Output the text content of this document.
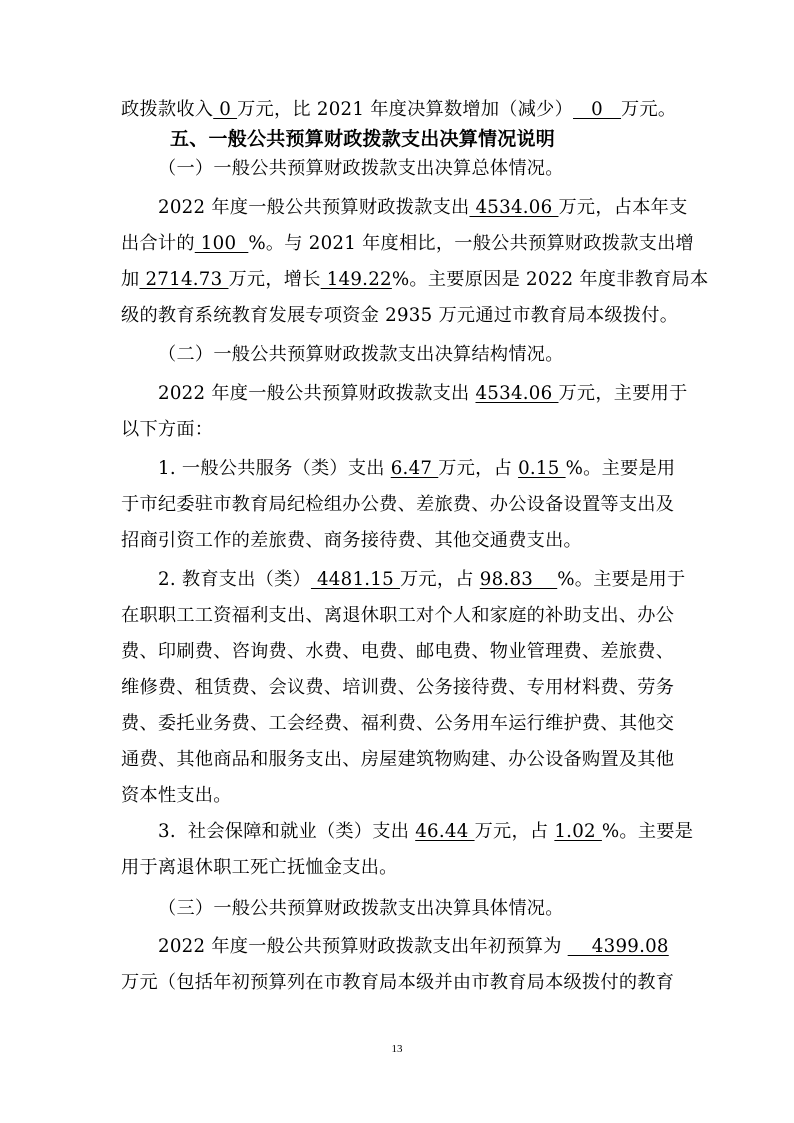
政拨款收入 0 万元，比 2021 年度决算数增加（减少）   0   万元。
五、一般公共预算财政拨款支出决算情况说明
（一）一般公共预算财政拨款支出决算总体情况。
2022 年度一般公共预算财政拨款支出 4534.06 万元，占本年支
出合计的 100  %。与 2021 年度相比，一般公共预算财政拨款支出增
加 2714.73 万元，增长 149.22%。主要原因是 2022 年度非教育局本
级的教育系统教育发展专项资金 2935 万元通过市教育局本级拨付。
（二）一般公共预算财政拨款支出决算结构情况。
2022 年度一般公共预算财政拨款支出 4534.06 万元，主要用于
以下方面：
1. 一般公共服务（类）支出 6.47 万元，占 0.15 %。主要是用
于市纪委驻市教育局纪检组办公费、差旅费、办公设备设置等支出及
招商引资工作的差旅费、商务接待费、其他交通费支出。
2. 教育支出（类） 4481.15 万元，占 98.83    %。主要是用于
在职职工工资福利支出、离退休职工对个人和家庭的补助支出、办公
费、印刷费、咨询费、水费、电费、邮电费、物业管理费、差旅费、
维修费、租赁费、会议费、培训费、公务接待费、专用材料费、劳务
费、委托业务费、工会经费、福利费、公务用车运行维护费、其他交
通费、其他商品和服务支出、房屋建筑物购建、办公设备购置及其他
资本性支出。
3.  社会保障和就业（类）支出 46.44 万元，占 1.02 %。主要是
用于离退休职工死亡抚恤金支出。
（三）一般公共预算财政拨款支出决算具体情况。
2022 年度一般公共预算财政拨款支出年初预算为     4399.08
万元（包括年初预算列在市教育局本级并由市教育局本级拨付的教育
13
